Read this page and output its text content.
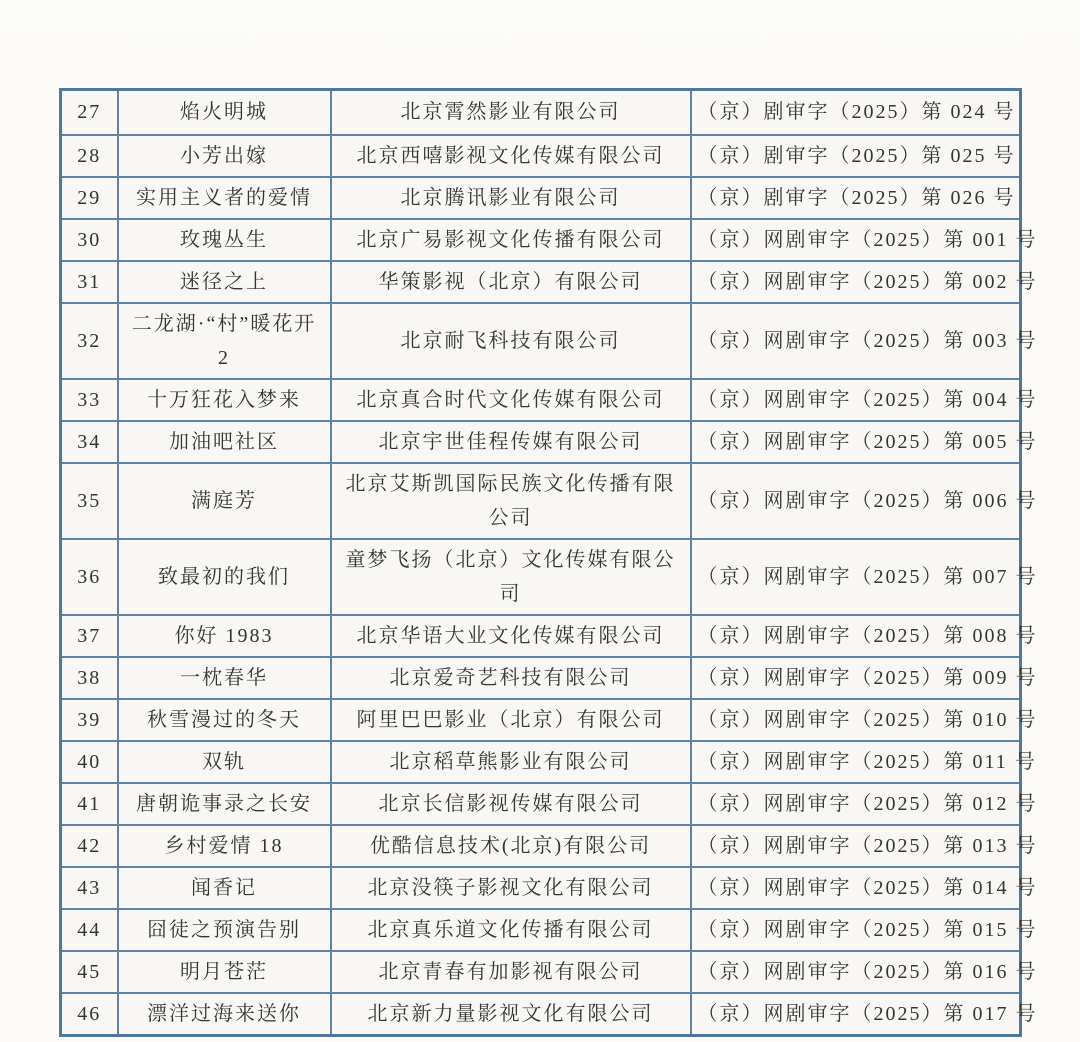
27	焰火明城	北京霄然影业有限公司	（京）剧审字（2025）第 024 号
28	小芳出嫁	北京西嘻影视文化传媒有限公司	（京）剧审字（2025）第 025 号
29	实用主义者的爱情	北京腾讯影业有限公司	（京）剧审字（2025）第 026 号
30	玫瑰丛生	北京广易影视文化传播有限公司	（京）网剧审字（2025）第 001 号
31	迷径之上	华策影视（北京）有限公司	（京）网剧审字（2025）第 002 号
32	二龙湖·“村”暖花开 2	北京耐飞科技有限公司	（京）网剧审字（2025）第 003 号
33	十万狂花入梦来	北京真合时代文化传媒有限公司	（京）网剧审字（2025）第 004 号
34	加油吧社区	北京宇世佳程传媒有限公司	（京）网剧审字（2025）第 005 号
35	满庭芳	北京艾斯凯国际民族文化传播有限公司	（京）网剧审字（2025）第 006 号
36	致最初的我们	童梦飞扬（北京）文化传媒有限公司	（京）网剧审字（2025）第 007 号
37	你好 1983	北京华语大业文化传媒有限公司	（京）网剧审字（2025）第 008 号
38	一枕春华	北京爱奇艺科技有限公司	（京）网剧审字（2025）第 009 号
39	秋雪漫过的冬天	阿里巴巴影业（北京）有限公司	（京）网剧审字（2025）第 010 号
40	双轨	北京稻草熊影业有限公司	（京）网剧审字（2025）第 011 号
41	唐朝诡事录之长安	北京长信影视传媒有限公司	（京）网剧审字（2025）第 012 号
42	乡村爱情 18	优酷信息技术(北京)有限公司	（京）网剧审字（2025）第 013 号
43	闻香记	北京没筷子影视文化有限公司	（京）网剧审字（2025）第 014 号
44	囧徒之预演告别	北京真乐道文化传播有限公司	（京）网剧审字（2025）第 015 号
45	明月苍茫	北京青春有加影视有限公司	（京）网剧审字（2025）第 016 号
46	漂洋过海来送你	北京新力量影视文化有限公司	（京）网剧审字（2025）第 017 号
